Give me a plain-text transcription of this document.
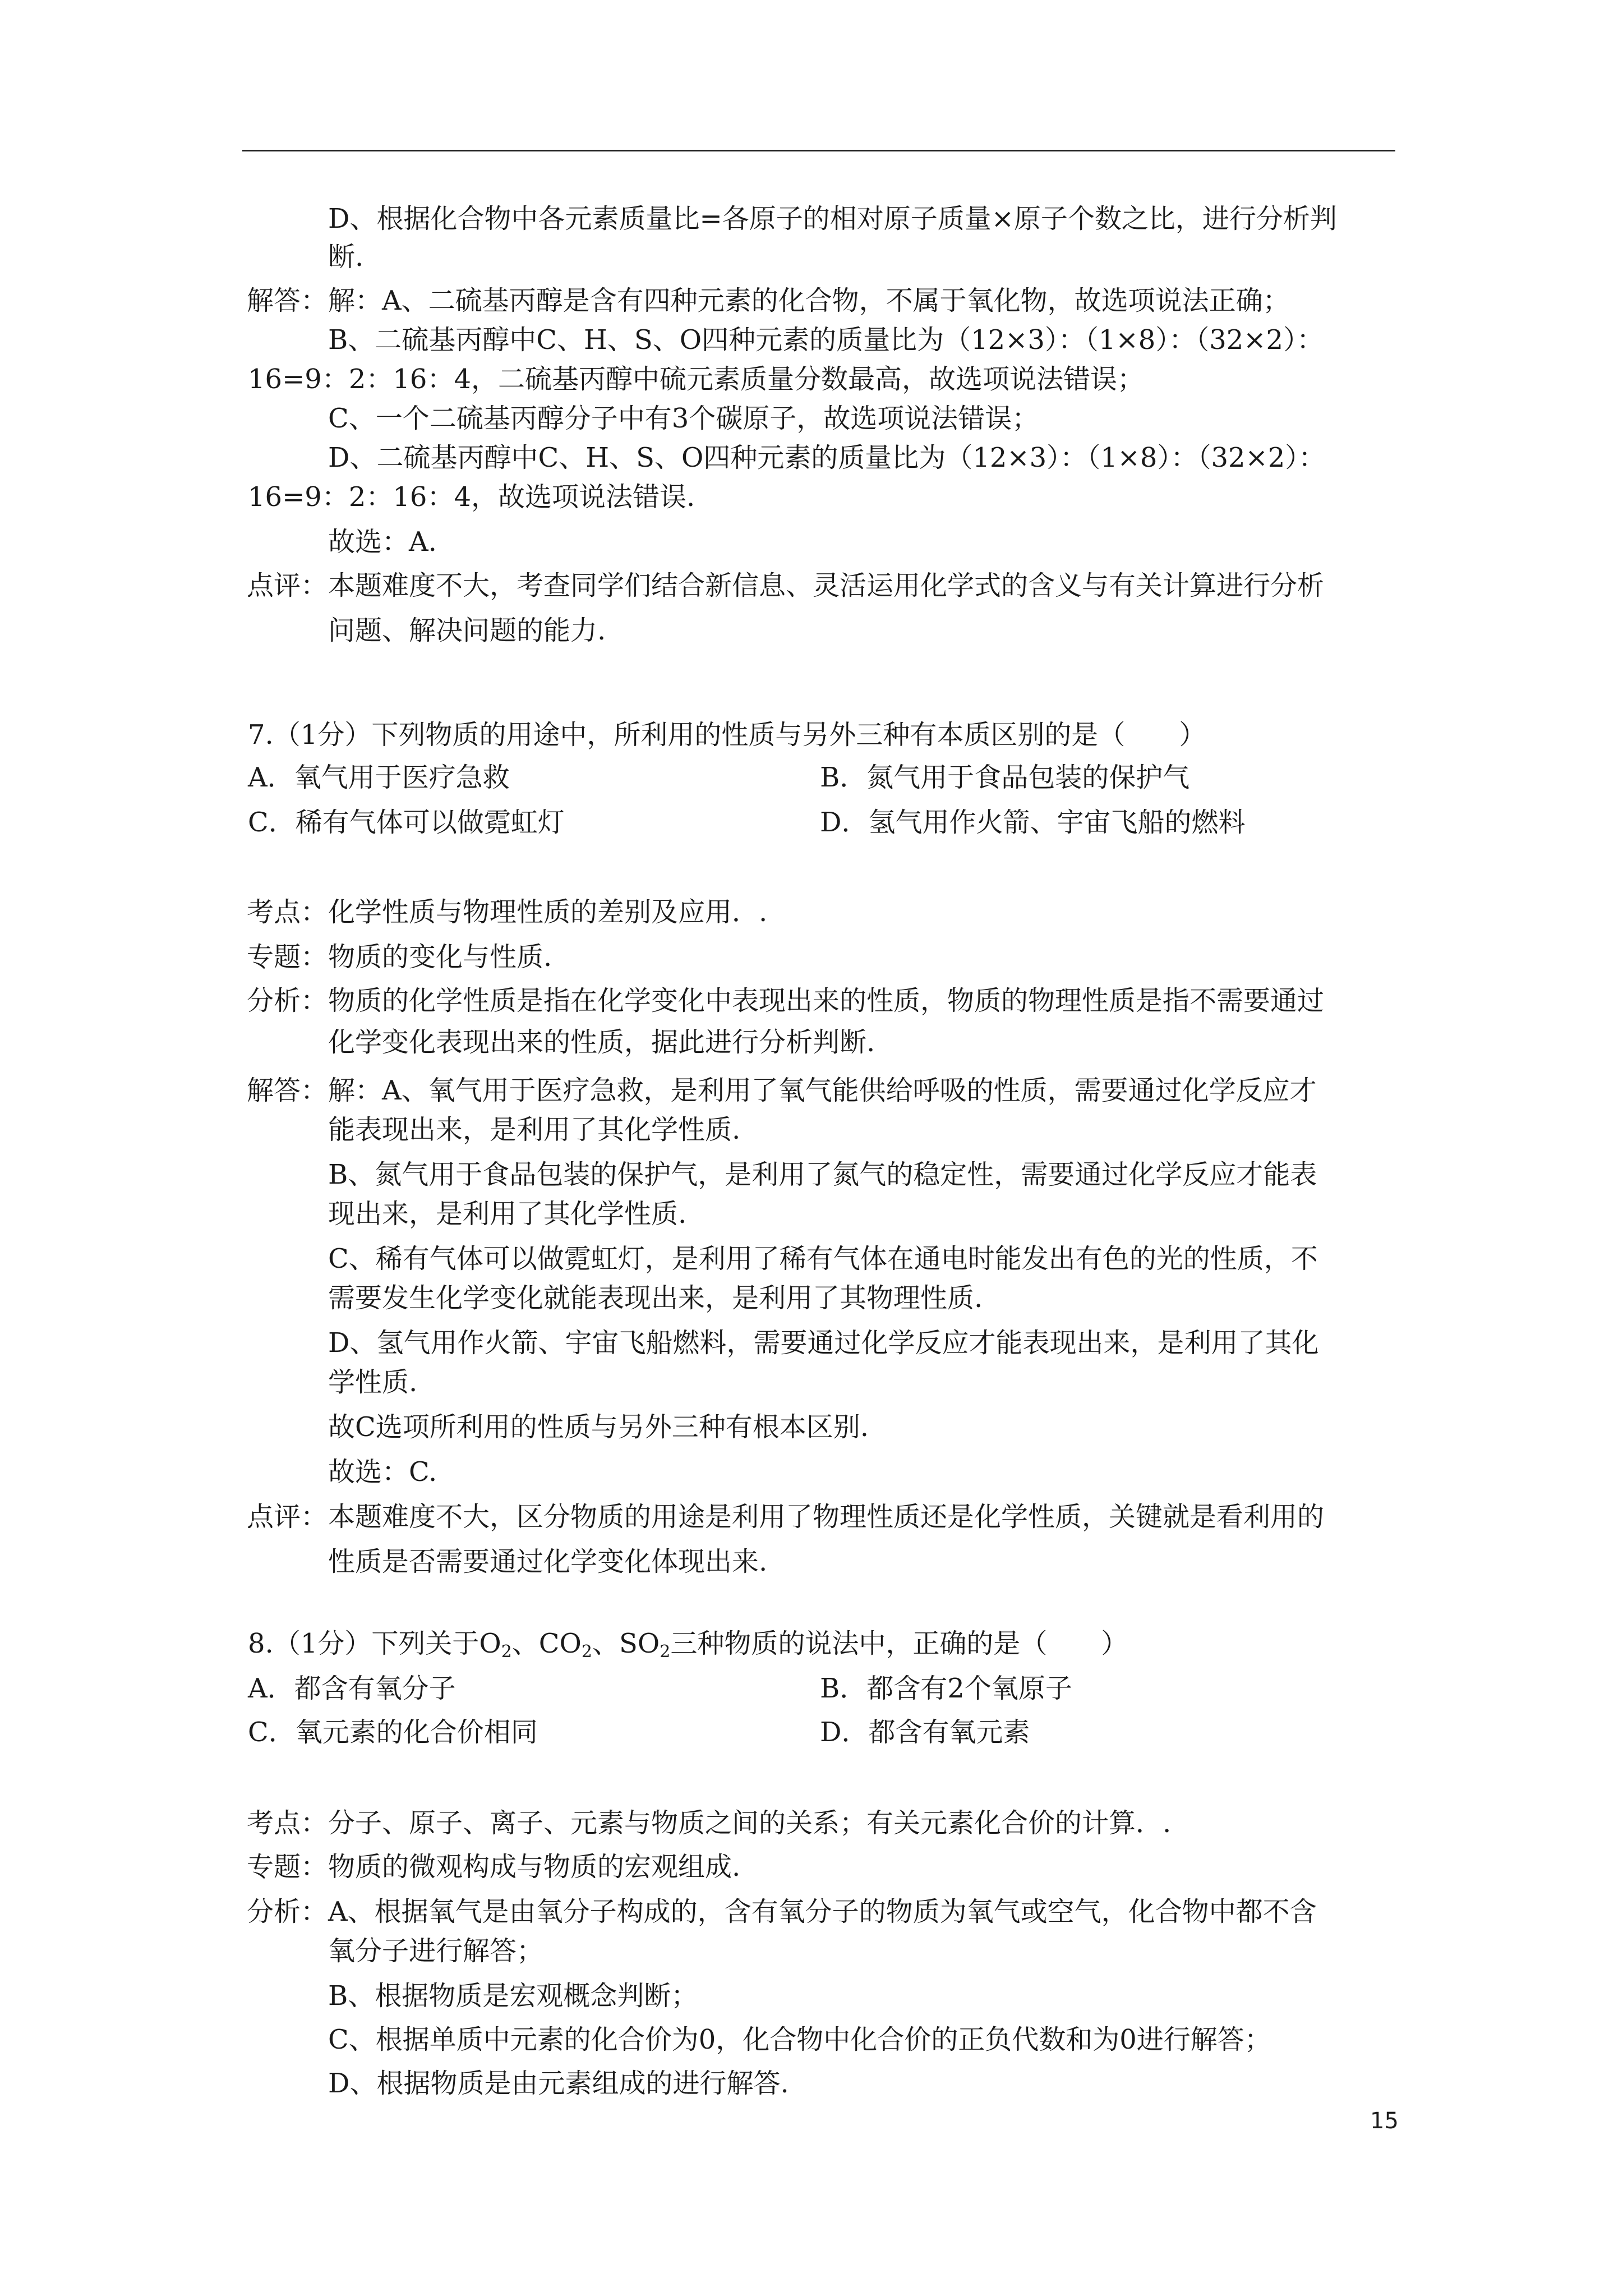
D、根据化合物中各元素质量比=各原子的相对原子质量×原子个数之比，进行分析判
断.
解答： 解：A、二硫基丙醇是含有四种元素的化合物，不属于氧化物，故选项说法正确；
B、二硫基丙醇中C、H、S、O四种元素的质量比为（12×3）：（1×8）：（32×2）：
16=9：2：16：4，二硫基丙醇中硫元素质量分数最高，故选项说法错误；
C、一个二硫基丙醇分子中有3个碳原子，故选项说法错误；
D、二硫基丙醇中C、H、S、O四种元素的质量比为（12×3）：（1×8）：（32×2）：
16=9：2：16：4，故选项说法错误.
故选：A.
点评： 本题难度不大，考查同学们结合新信息、灵活运用化学式的含义与有关计算进行分析
问题、解决问题的能力.
7.（1分）下列物质的用途中，所利用的性质与另外三种有本质区别的是（　　）
A．氧气用于医疗急救	B．氮气用于食品包装的保护气
C．稀有气体可以做霓虹灯	D．氢气用作火箭、宇宙飞船的燃料
考点： 化学性质与物理性质的差别及应用．.
专题： 物质的变化与性质.
分析： 物质的化学性质是指在化学变化中表现出来的性质，物质的物理性质是指不需要通过
化学变化表现出来的性质，据此进行分析判断.
解答： 解：A、氧气用于医疗急救，是利用了氧气能供给呼吸的性质，需要通过化学反应才
能表现出来，是利用了其化学性质.
B、氮气用于食品包装的保护气，是利用了氮气的稳定性，需要通过化学反应才能表
现出来，是利用了其化学性质.
C、稀有气体可以做霓虹灯，是利用了稀有气体在通电时能发出有色的光的性质，不
需要发生化学变化就能表现出来，是利用了其物理性质.
D、氢气用作火箭、宇宙飞船燃料，需要通过化学反应才能表现出来，是利用了其化
学性质.
故C选项所利用的性质与另外三种有根本区别.
故选：C.
点评： 本题难度不大，区分物质的用途是利用了物理性质还是化学性质，关键就是看利用的
性质是否需要通过化学变化体现出来.
8.（1分）下列关于$O_2$、$CO_2$、$SO_2$三种物质的说法中，正确的是（　　）
A．都含有氧分子	B．都含有2个氧原子
C．氧元素的化合价相同	D．都含有氧元素
考点： 分子、原子、离子、元素与物质之间的关系；有关元素化合价的计算．.
专题： 物质的微观构成与物质的宏观组成.
分析： A、根据氧气是由氧分子构成的，含有氧分子的物质为氧气或空气，化合物中都不含
氧分子进行解答；
B、根据物质是宏观概念判断；
C、根据单质中元素的化合价为0，化合物中化合价的正负代数和为0进行解答；
D、根据物质是由元素组成的进行解答.
15
